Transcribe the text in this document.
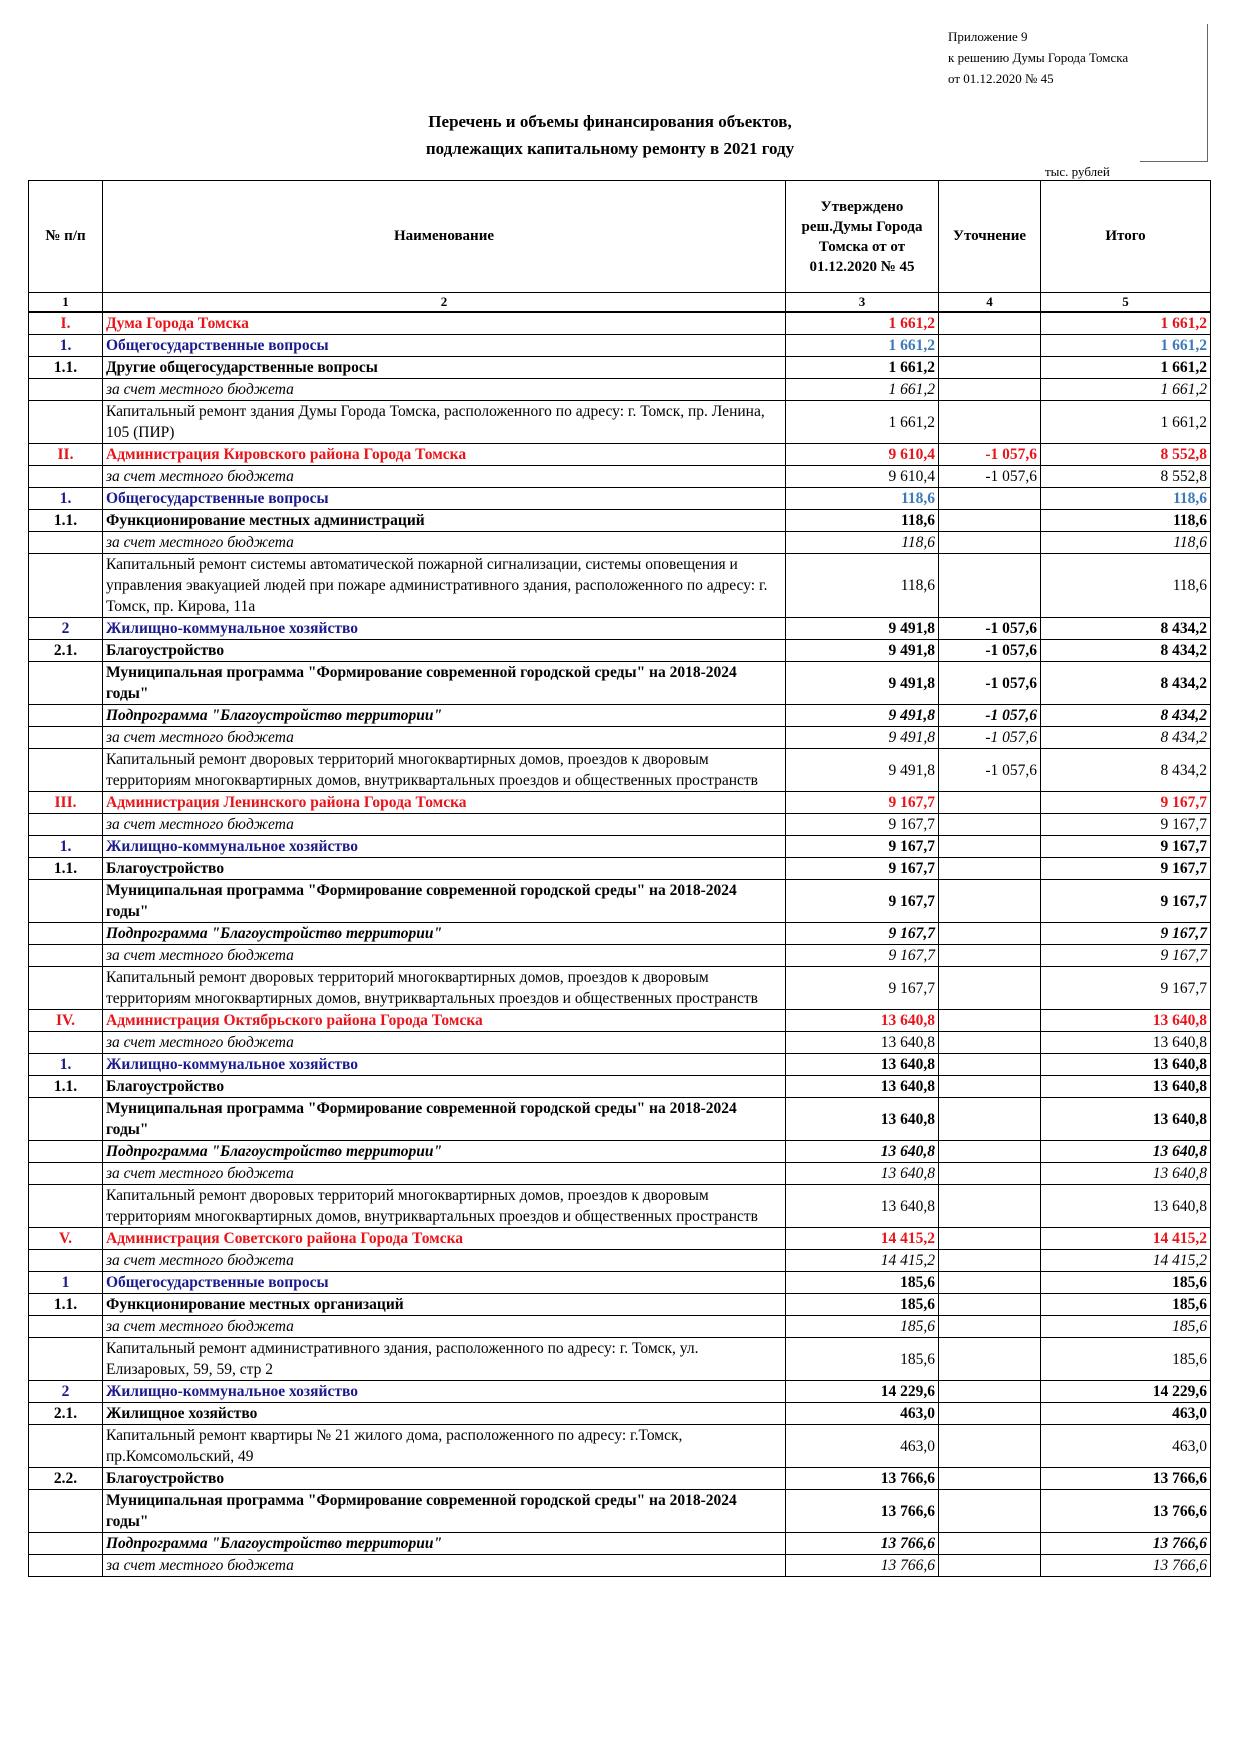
Приложение 9
к решению Думы Города Томска
от 01.12.2020 № 45
Перечень и объемы финансирования объектов,
подлежащих капитальному ремонту в 2021 году
тыс. рублей
№ п/п	Наименование	Утверждено реш.Думы Города Томска от от 01.12.2020 № 45	Уточнение	Итого
1	2	3	4	5
I.	Дума Города Томска	1 661,2		1 661,2
1.	Общегосударственные вопросы	1 661,2		1 661,2
1.1.	Другие общегосударственные вопросы	1 661,2		1 661,2
	за счет местного бюджета	1 661,2		1 661,2
	Капитальный ремонт здания Думы Города Томска, расположенного по адресу: г. Томск, пр. Ленина, 105 (ПИР)	1 661,2		1 661,2
II.	Администрация Кировского района Города Томска	9 610,4	-1 057,6	8 552,8
	за счет местного бюджета	9 610,4	-1 057,6	8 552,8
1.	Общегосударственные вопросы	118,6		118,6
1.1.	Функционирование местных администраций	118,6		118,6
	за счет местного бюджета	118,6		118,6
	Капитальный ремонт системы автоматической пожарной сигнализации, системы оповещения и управления эвакуацией людей при пожаре административного здания, расположенного по адресу: г. Томск, пр. Кирова, 11а	118,6		118,6
2	Жилищно-коммунальное хозяйство	9 491,8	-1 057,6	8 434,2
2.1.	Благоустройство	9 491,8	-1 057,6	8 434,2
	Муниципальная программа "Формирование современной городской среды" на 2018-2024 годы"	9 491,8	-1 057,6	8 434,2
	Подпрограмма "Благоустройство территории"	9 491,8	-1 057,6	8 434,2
	за счет местного бюджета	9 491,8	-1 057,6	8 434,2
	Капитальный ремонт дворовых территорий многоквартирных домов, проездов к дворовым территориям многоквартирных домов, внутриквартальных проездов и общественных пространств	9 491,8	-1 057,6	8 434,2
III.	Администрация Ленинского района Города Томска	9 167,7		9 167,7
	за счет местного бюджета	9 167,7		9 167,7
1.	Жилищно-коммунальное хозяйство	9 167,7		9 167,7
1.1.	Благоустройство	9 167,7		9 167,7
	Муниципальная программа "Формирование современной городской среды" на 2018-2024 годы"	9 167,7		9 167,7
	Подпрограмма "Благоустройство территории"	9 167,7		9 167,7
	за счет местного бюджета	9 167,7		9 167,7
	Капитальный ремонт дворовых территорий многоквартирных домов, проездов к дворовым территориям многоквартирных домов, внутриквартальных проездов и общественных пространств	9 167,7		9 167,7
IV.	Администрация Октябрьского района Города Томска	13 640,8		13 640,8
	за счет местного бюджета	13 640,8		13 640,8
1.	Жилищно-коммунальное хозяйство	13 640,8		13 640,8
1.1.	Благоустройство	13 640,8		13 640,8
	Муниципальная программа "Формирование современной городской среды" на 2018-2024 годы"	13 640,8		13 640,8
	Подпрограмма "Благоустройство территории"	13 640,8		13 640,8
	за счет местного бюджета	13 640,8		13 640,8
	Капитальный ремонт дворовых территорий многоквартирных домов, проездов к дворовым территориям многоквартирных домов, внутриквартальных проездов и общественных пространств	13 640,8		13 640,8
V.	Администрация Советского района Города Томска	14 415,2		14 415,2
	за счет местного бюджета	14 415,2		14 415,2
1	Общегосударственные вопросы	185,6		185,6
1.1.	Функционирование местных организаций	185,6		185,6
	за счет местного бюджета	185,6		185,6
	Капитальный ремонт административного здания, расположенного по адресу: г. Томск, ул. Елизаровых, 59, 59, стр 2	185,6		185,6
2	Жилищно-коммунальное хозяйство	14 229,6		14 229,6
2.1.	Жилищное хозяйство	463,0		463,0
	Капитальный ремонт квартиры № 21 жилого дома, расположенного по адресу: г.Томск, пр.Комсомольский, 49	463,0		463,0
2.2.	Благоустройство	13 766,6		13 766,6
	Муниципальная программа "Формирование современной городской среды" на 2018-2024 годы"	13 766,6		13 766,6
	Подпрограмма "Благоустройство территории"	13 766,6		13 766,6
	за счет местного бюджета	13 766,6		13 766,6
